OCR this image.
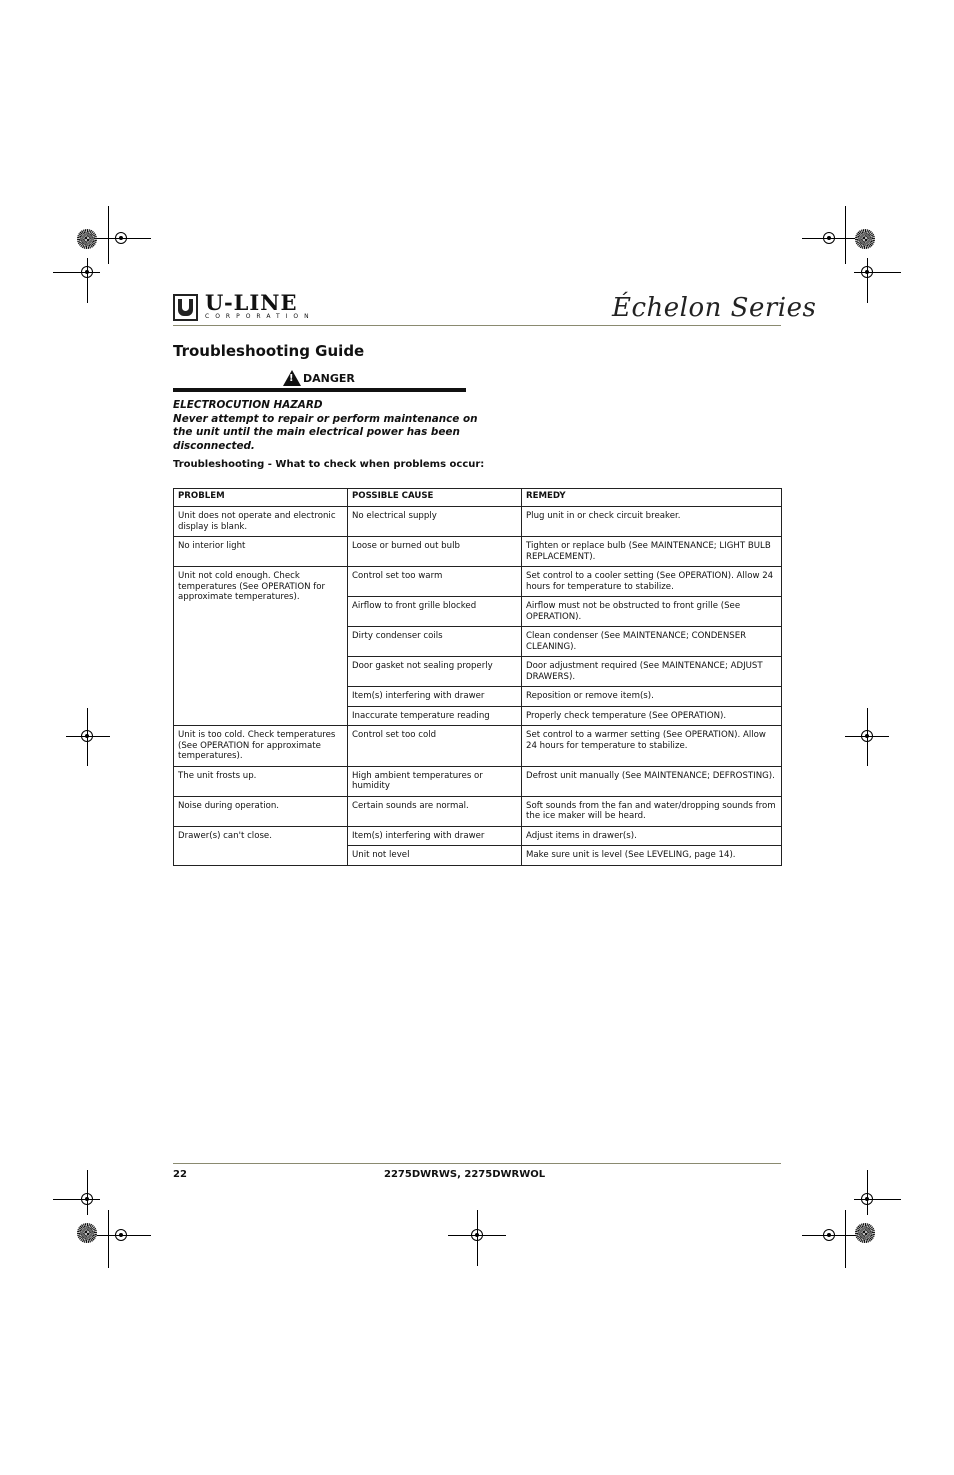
U-LINE
CORPORATION	Échelon Series
Troubleshooting Guide
! DANGER
ELECTROCUTION HAZARD
Never attempt to repair or perform maintenance on
the unit until the main electrical power has been
disconnected.
Troubleshooting - What to check when problems occur:
PROBLEM	POSSIBLE CAUSE	REMEDY
Unit does not operate and electronic display is blank.	No electrical supply	Plug unit in or check circuit breaker.
No interior light	Loose or burned out bulb	Tighten or replace bulb (See MAINTENANCE; LIGHT BULB REPLACEMENT).
Unit not cold enough. Check temperatures (See OPERATION for approximate temperatures).	Control set too warm	Set control to a cooler setting (See OPERATION). Allow 24 hours for temperature to stabilize.
	Airflow to front grille blocked	Airflow must not be obstructed to front grille (See OPERATION).
	Dirty condenser coils	Clean condenser (See MAINTENANCE; CONDENSER CLEANING).
	Door gasket not sealing properly	Door adjustment required (See MAINTENANCE; ADJUST DRAWERS).
	Item(s) interfering with drawer	Reposition or remove item(s).
	Inaccurate temperature reading	Properly check temperature (See OPERATION).
Unit is too cold. Check temperatures (See OPERATION for approximate temperatures).	Control set too cold	Set control to a warmer setting (See OPERATION). Allow 24 hours for temperature to stabilize.
The unit frosts up.	High ambient temperatures or humidity	Defrost unit manually (See MAINTENANCE; DEFROSTING).
Noise during operation.	Certain sounds are normal.	Soft sounds from the fan and water/dropping sounds from the ice maker will be heard.
Drawer(s) can't close.	Item(s) interfering with drawer	Adjust items in drawer(s).
	Unit not level	Make sure unit is level (See LEVELING, page 14).
22	2275DWRWS, 2275DWRWOL
